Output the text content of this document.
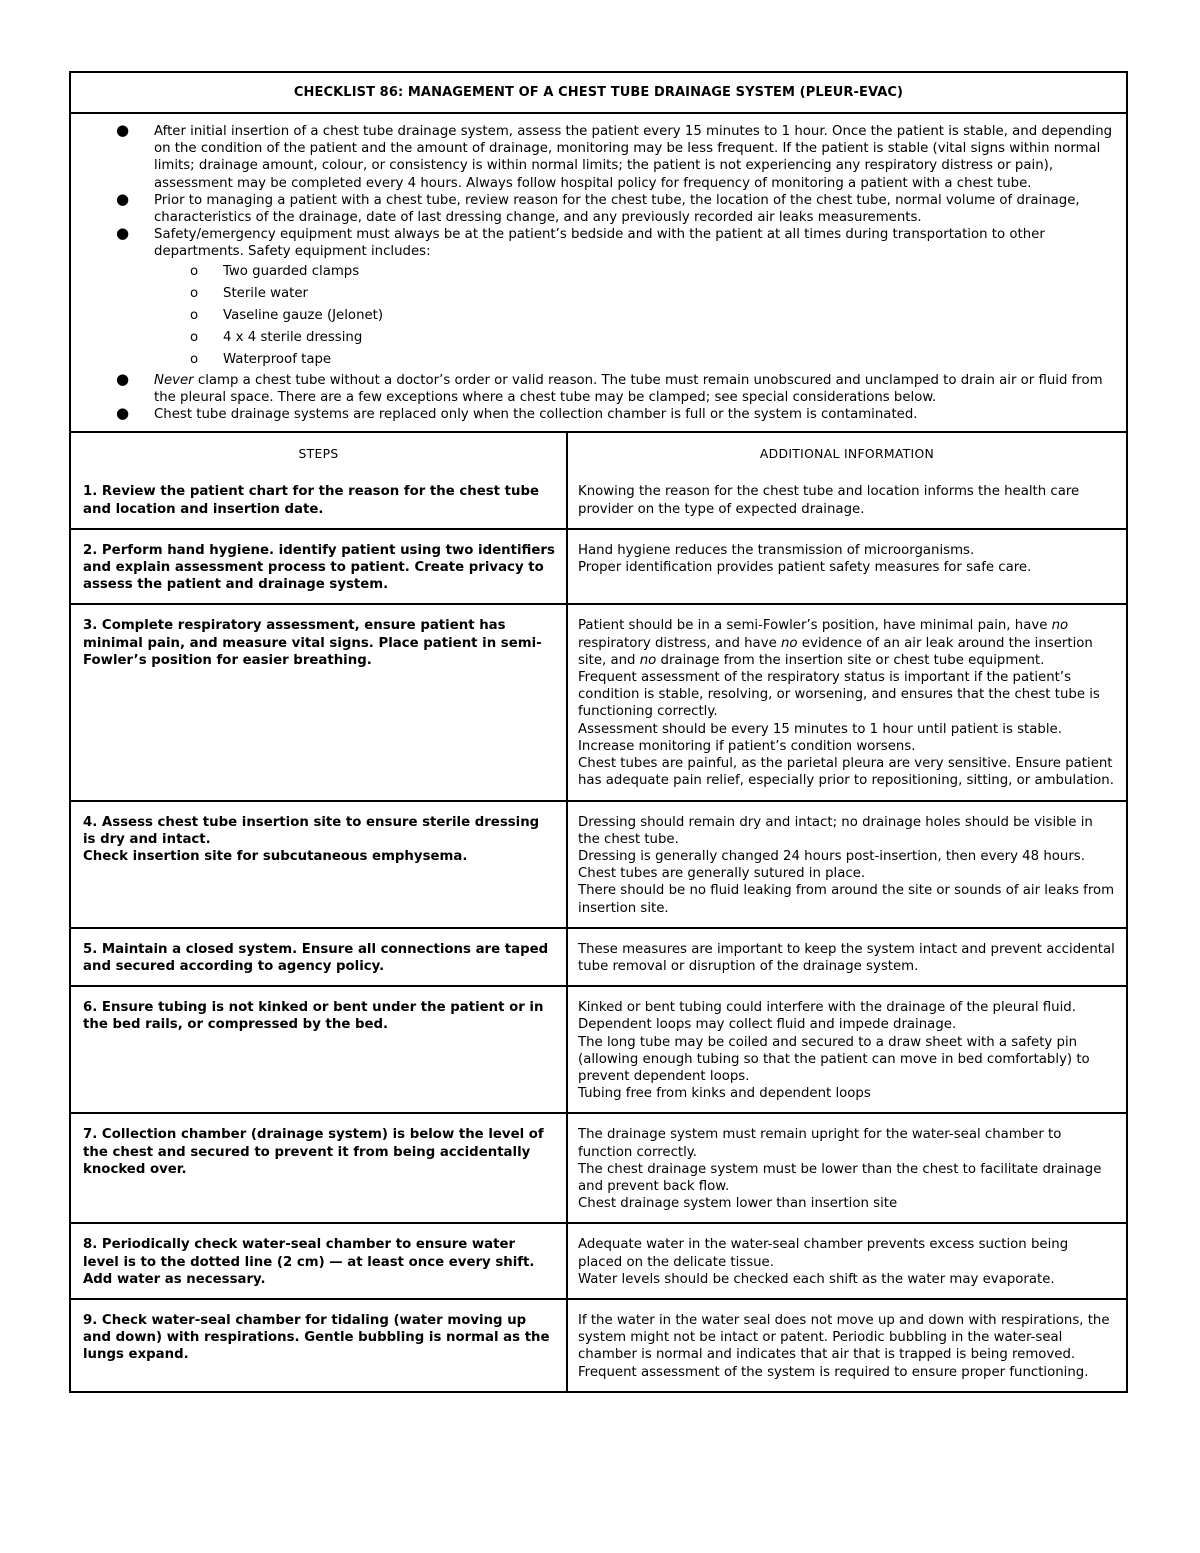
CHECKLIST 86: MANAGEMENT OF A CHEST TUBE DRAINAGE SYSTEM (PLEUR-EVAC)
● After initial insertion of a chest tube drainage system, assess the patient every 15 minutes to 1 hour. Once the patient is stable, and depending on the condition of the patient and the amount of drainage, monitoring may be less frequent. If the patient is stable (vital signs within normal limits; drainage amount, colour, or consistency is within normal limits; the patient is not experiencing any respiratory distress or pain), assessment may be completed every 4 hours. Always follow hospital policy for frequency of monitoring a patient with a chest tube.
● Prior to managing a patient with a chest tube, review reason for the chest tube, the location of the chest tube, normal volume of drainage, characteristics of the drainage, date of last dressing change, and any previously recorded air leaks measurements.
● Safety/emergency equipment must always be at the patient’s bedside and with the patient at all times during transportation to other departments. Safety equipment includes:
o Two guarded clamps
o Sterile water
o Vaseline gauze (Jelonet)
o 4 x 4 sterile dressing
o Waterproof tape
● Never clamp a chest tube without a doctor’s order or valid reason. The tube must remain unobscured and unclamped to drain air or fluid from the pleural space. There are a few exceptions where a chest tube may be clamped; see special considerations below.
● Chest tube drainage systems are replaced only when the collection chamber is full or the system is contaminated.
STEPS	ADDITIONAL INFORMATION

1. Review the patient chart for the reason for the chest tube and location and insertion date.	Knowing the reason for the chest tube and location informs the health care provider on the type of expected drainage.

2. Perform hand hygiene. identify patient using two identifiers and explain assessment process to patient. Create privacy to assess the patient and drainage system.	Hand hygiene reduces the transmission of microorganisms.
Proper identification provides patient safety measures for safe care.

3. Complete respiratory assessment, ensure patient has minimal pain, and measure vital signs. Place patient in semi-Fowler’s position for easier breathing.	Patient should be in a semi-Fowler’s position, have minimal pain, have no respiratory distress, and have no evidence of an air leak around the insertion site, and no drainage from the insertion site or chest tube equipment.
Frequent assessment of the respiratory status is important if the patient’s condition is stable, resolving, or worsening, and ensures that the chest tube is functioning correctly.
Assessment should be every 15 minutes to 1 hour until patient is stable.
Increase monitoring if patient’s condition worsens.
Chest tubes are painful, as the parietal pleura are very sensitive. Ensure patient has adequate pain relief, especially prior to repositioning, sitting, or ambulation.

4. Assess chest tube insertion site to ensure sterile dressing is dry and intact.
Check insertion site for subcutaneous emphysema.	Dressing should remain dry and intact; no drainage holes should be visible in the chest tube.
Dressing is generally changed 24 hours post-insertion, then every 48 hours. Chest tubes are generally sutured in place.
There should be no fluid leaking from around the site or sounds of air leaks from insertion site.

5. Maintain a closed system. Ensure all connections are taped and secured according to agency policy.	These measures are important to keep the system intact and prevent accidental tube removal or disruption of the drainage system.

6. Ensure tubing is not kinked or bent under the patient or in the bed rails, or compressed by the bed.	Kinked or bent tubing could interfere with the drainage of the pleural fluid.
Dependent loops may collect fluid and impede drainage.
The long tube may be coiled and secured to a draw sheet with a safety pin (allowing enough tubing so that the patient can move in bed comfortably) to prevent dependent loops.
Tubing free from kinks and dependent loops

7. Collection chamber (drainage system) is below the level of the chest and secured to prevent it from being accidentally knocked over.	The drainage system must remain upright for the water-seal chamber to function correctly.
The chest drainage system must be lower than the chest to facilitate drainage and prevent back flow.
Chest drainage system lower than insertion site

8. Periodically check water-seal chamber to ensure water level is to the dotted line (2 cm) — at least once every shift. Add water as necessary.	Adequate water in the water-seal chamber prevents excess suction being placed on the delicate tissue.
Water levels should be checked each shift as the water may evaporate.

9. Check water-seal chamber for tidaling (water moving up and down) with respirations. Gentle bubbling is normal as the lungs expand.	If the water in the water seal does not move up and down with respirations, the system might not be intact or patent. Periodic bubbling in the water-seal chamber is normal and indicates that air that is trapped is being removed. Frequent assessment of the system is required to ensure proper functioning.
